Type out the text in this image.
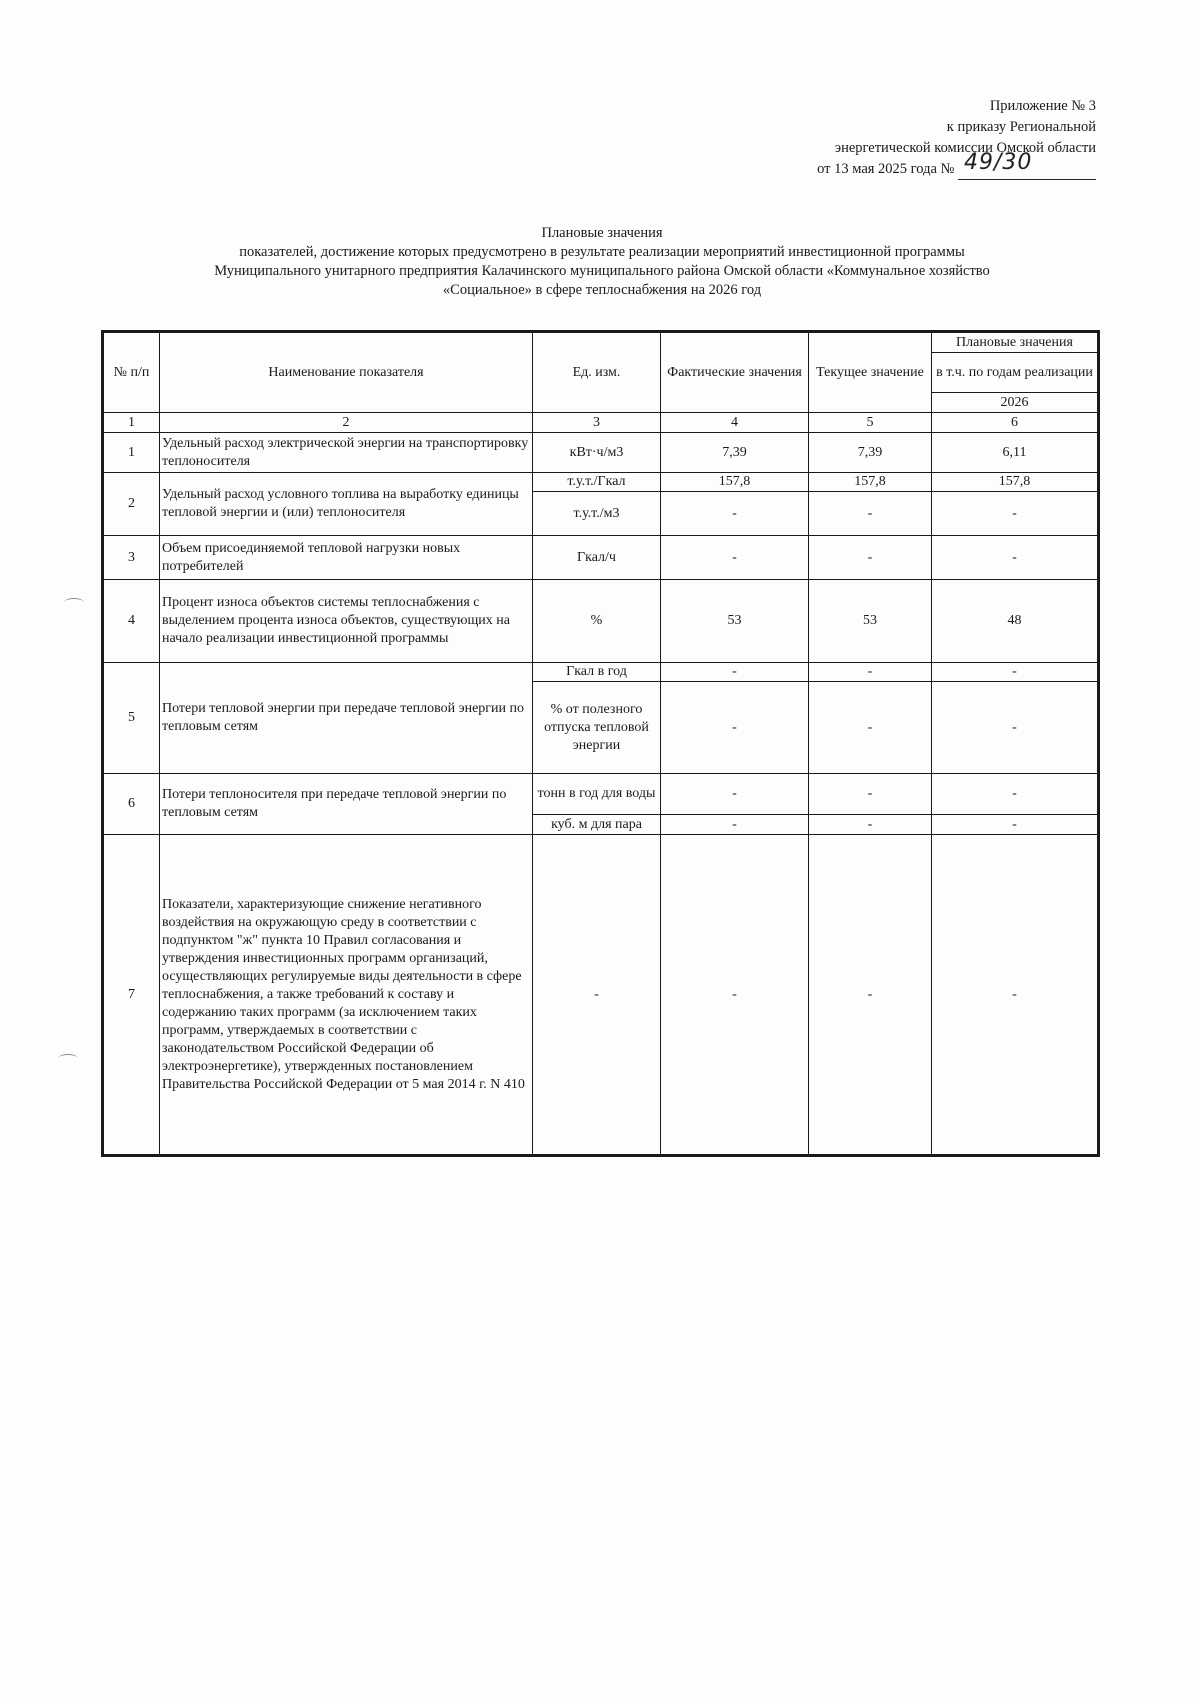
Приложение № 3
к приказу Региональной
энергетической комиссии Омской области
от 13 мая 2025 года № 49/30
Плановые значения
показателей, достижение которых предусмотрено в результате реализации мероприятий инвестиционной программы
Муниципального унитарного предприятия Калачинского муниципального района Омской области «Коммунальное хозяйство
«Социальное» в сфере теплоснабжения на 2026 год
№ п/п	Наименование показателя	Ед. изм.	Фактические значения	Текущее значение	Плановые значения
					в т.ч. по годам реализации

					2026
1	2	3	4	5	6
1	Удельный расход электрической энергии на транспортировку теплоносителя	кВт·ч/м3	7,39	7,39	6,11
2	Удельный расход условного топлива на выработку единицы тепловой энергии и (или) теплоносителя	т.у.т./Гкал	157,8	157,8	157,8
		т.у.т./м3	-	-	-
3	Объем присоединяемой тепловой нагрузки новых потребителей	Гкал/ч	-	-	-
4	Процент износа объектов системы теплоснабжения с выделением процента износа объектов, существующих на начало реализации инвестиционной программы	%	53	53	48
5	Потери тепловой энергии при передаче тепловой энергии по тепловым сетям	Гкал в год	-	-	-
		% от полезного отпуска тепловой энергии	-	-	-
6	Потери теплоносителя при передаче тепловой энергии по тепловым сетям	тонн в год для воды	-	-	-
		куб. м для пара	-	-	-
7	Показатели, характеризующие снижение негативного воздействия на окружающую среду в соответствии с подпунктом "ж" пункта 10 Правил согласования и утверждения инвестиционных программ организаций, осуществляющих регулируемые виды деятельности в сфере теплоснабжения, а также требований к составу и содержанию таких программ (за исключением таких программ, утверждаемых в соответствии с законодательством Российской Федерации об электроэнергетике), утвержденных постановлением Правительства Российской Федерации от 5 мая 2014 г. N 410	-	-	-	-
